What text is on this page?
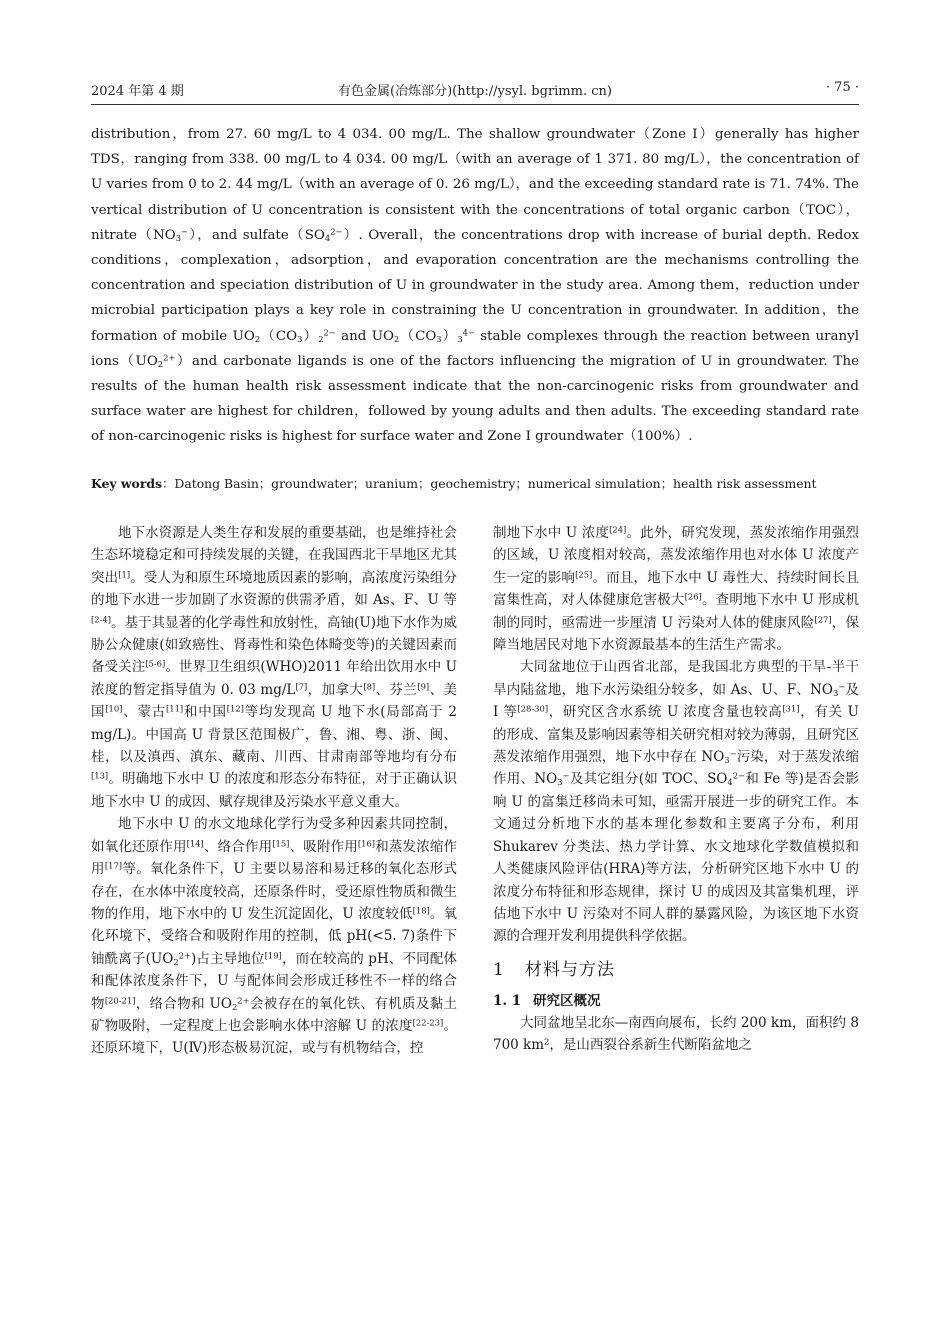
2024 年第 4 期	有色金属(冶炼部分)(http://ysyl. bgrimm. cn)	· 75 ·

distribution，from 27. 60 mg/L to 4 034. 00 mg/L. The shallow groundwater（Zone Ⅰ）generally has higher TDS，ranging from 338. 00 mg/L to 4 034. 00 mg/L（with an average of 1 371. 80 mg/L），the concentration of U varies from 0 to 2. 44 mg/L（with an average of 0. 26 mg/L），and the exceeding standard rate is 71. 74%. The vertical distribution of U concentration is consistent with the concentrations of total organic carbon（TOC），$nitrate(NO_3^-)$，and $sulfate(SO_4^{2-})$. Overall，the concentrations drop with increase of burial depth. Redox conditions，complexation，adsorption，and evaporation concentration are the mechanisms controlling the concentration and speciation distribution of U in groundwater in the study area. Among them，reduction under microbial participation plays a key role in constraining the U concentration in groundwater. In addition，the formation of mobile $UO_2(CO_3)_2^{2-}$ and $UO_2(CO_3)_3^{4-}$ stable complexes through the reaction between uranyl $ions(UO_2^{2+})and$ carbonate ligands is one of the factors influencing the migration of U in groundwater. The results of the human health risk assessment indicate that the non-carcinogenic risks from groundwater and surface water are highest for children，followed by young adults and then adults. The exceeding standard rate of non-carcinogenic risks is highest for surface water and Zone Ⅰ groundwater（100%）.

Key words：Datong Basin；groundwater；uranium；geochemistry；numerical simulation；health risk assessment

地下水资源是人类生存和发展的重要基础，也是维持社会生态环境稳定和可持续发展的关键，在我国西北干旱地区尤其突出[1]。受人为和原生环境地质因素的影响，高浓度污染组分的地下水进一步加剧了水资源的供需矛盾，如 As、F、U 等[2-4]。基于其显著的化学毒性和放射性，高铀(U)地下水作为威胁公众健康(如致癌性、肾毒性和染色体畸变等)的关键因素而备受关注[5-6]。世界卫生组织(WHO)2011 年给出饮用水中 U 浓度的暂定指导值为 0. 03 mg/L[7]，加拿大[8]、芬兰[9]、美国[10]、蒙古[11]和中国[12]等均发现高 U 地下水(局部高于 2 mg/L)。中国高 U 背景区范围极广，鲁、湘、粤、浙、闽、桂，以及滇西、滇东、藏南、川西、甘肃南部等地均有分布[13]。明确地下水中 U 的浓度和形态分布特征，对于正确认识地下水中 U 的成因、赋存规律及污染水平意义重大。

地下水中 U 的水文地球化学行为受多种因素共同控制，如氧化还原作用[14]、络合作用[15]、吸附作用[16]和蒸发浓缩作用[17]等。氧化条件下，U 主要以易溶和易迁移的氧化态形式存在，在水体中浓度较高，还原条件时，受还原性物质和微生物的作用，地下水中的 U 发生沉淀固化，U 浓度较低[18]。氧化环境下，受络合和吸附作用的控制，低 pH(<5. 7)条件下铀酰离子$(UO_2^{2+})$占主导地位[19]，而在较高的 pH、不同配体和配体浓度条件下，U 与配体间会形成迁移性不一样的络合物[20-21]，络合物和 $UO_2^{2+}$会被存在的氧化铁、有机质及黏土矿物吸附，一定程度上也会影响水体中溶解 U 的浓度[22-23]。还原环境下，U(Ⅳ)形态极易沉淀，或与有机物结合，控

制地下水中 U 浓度[24]。此外，研究发现，蒸发浓缩作用强烈的区域，U 浓度相对较高，蒸发浓缩作用也对水体 U 浓度产生一定的影响[25]。而且，地下水中 U 毒性大、持续时间长且富集性高，对人体健康危害极大[26]。查明地下水中 U 形成机制的同时，亟需进一步厘清 U 污染对人体的健康风险[27]，保障当地居民对地下水资源最基本的生活生产需求。

大同盆地位于山西省北部，是我国北方典型的干旱-半干旱内陆盆地，地下水污染组分较多，如 As、U、F、$NO_3^-$及 I 等[28-30]，研究区含水系统 U 浓度含量也较高[31]，有关 U 的形成、富集及影响因素等相关研究相对较为薄弱，且研究区蒸发浓缩作用强烈，地下水中存在 $NO_3^-$污染，对于蒸发浓缩作用、$NO_3^-$及其它组分(如 TOC、$SO_4^{2-}$和 Fe 等)是否会影响 U 的富集迁移尚未可知，亟需开展进一步的研究工作。本文通过分析地下水的基本理化参数和主要离子分布，利用 Shukarev 分类法、热力学计算、水文地球化学数值模拟和人类健康风险评估(HRA)等方法，分析研究区地下水中 U 的浓度分布特征和形态规律，探讨 U 的成因及其富集机理，评估地下水中 U 污染对不同人群的暴露风险，为该区地下水资源的合理开发利用提供科学依据。

1 材料与方法
1. 1 研究区概况

大同盆地呈北东—南西向展布，长约 200 km，面积约 8 700 $km^2$，是山西裂谷系新生代断陷盆地之
